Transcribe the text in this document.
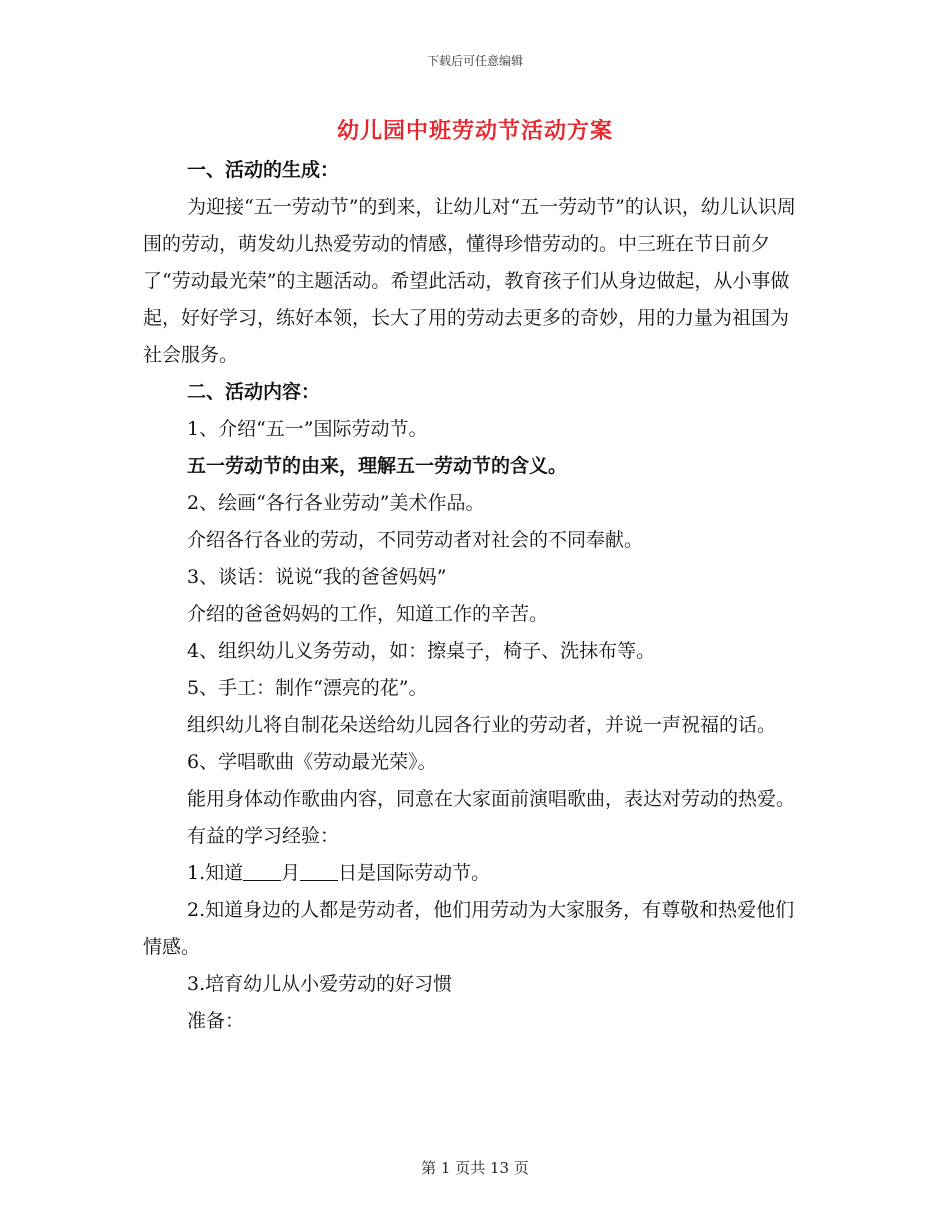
下载后可任意编辑
幼儿园中班劳动节活动方案

一、活动的生成：

为迎接“五一劳动节”的到来，让幼儿对“五一劳动节”的认识，幼儿认识周围的劳动，萌发幼儿热爱劳动的情感，懂得珍惜劳动的。中三班在节日前夕了“劳动最光荣”的主题活动。希望此活动，教育孩子们从身边做起，从小事做起，好好学习，练好本领，长大了用的劳动去更多的奇妙，用的力量为祖国为社会服务。

二、活动内容：

1、介绍“五一”国际劳动节。

五一劳动节的由来，理解五一劳动节的含义。

2、绘画“各行各业劳动”美术作品。

介绍各行各业的劳动，不同劳动者对社会的不同奉献。

3、谈话：说说“我的爸爸妈妈”

介绍的爸爸妈妈的工作，知道工作的辛苦。

4、组织幼儿义务劳动，如：擦桌子，椅子、洗抹布等。

5、手工：制作“漂亮的花”。

组织幼儿将自制花朵送给幼儿园各行业的劳动者，并说一声祝福的话。

6、学唱歌曲《劳动最光荣》。

能用身体动作歌曲内容，同意在大家面前演唱歌曲，表达对劳动的热爱。

有益的学习经验：

1.知道 月 日是国际劳动节。

2.知道身边的人都是劳动者，他们用劳动为大家服务，有尊敬和热爱他们情感。

3.培育幼儿从小爱劳动的好习惯

准备：

第 1 页共 13 页
